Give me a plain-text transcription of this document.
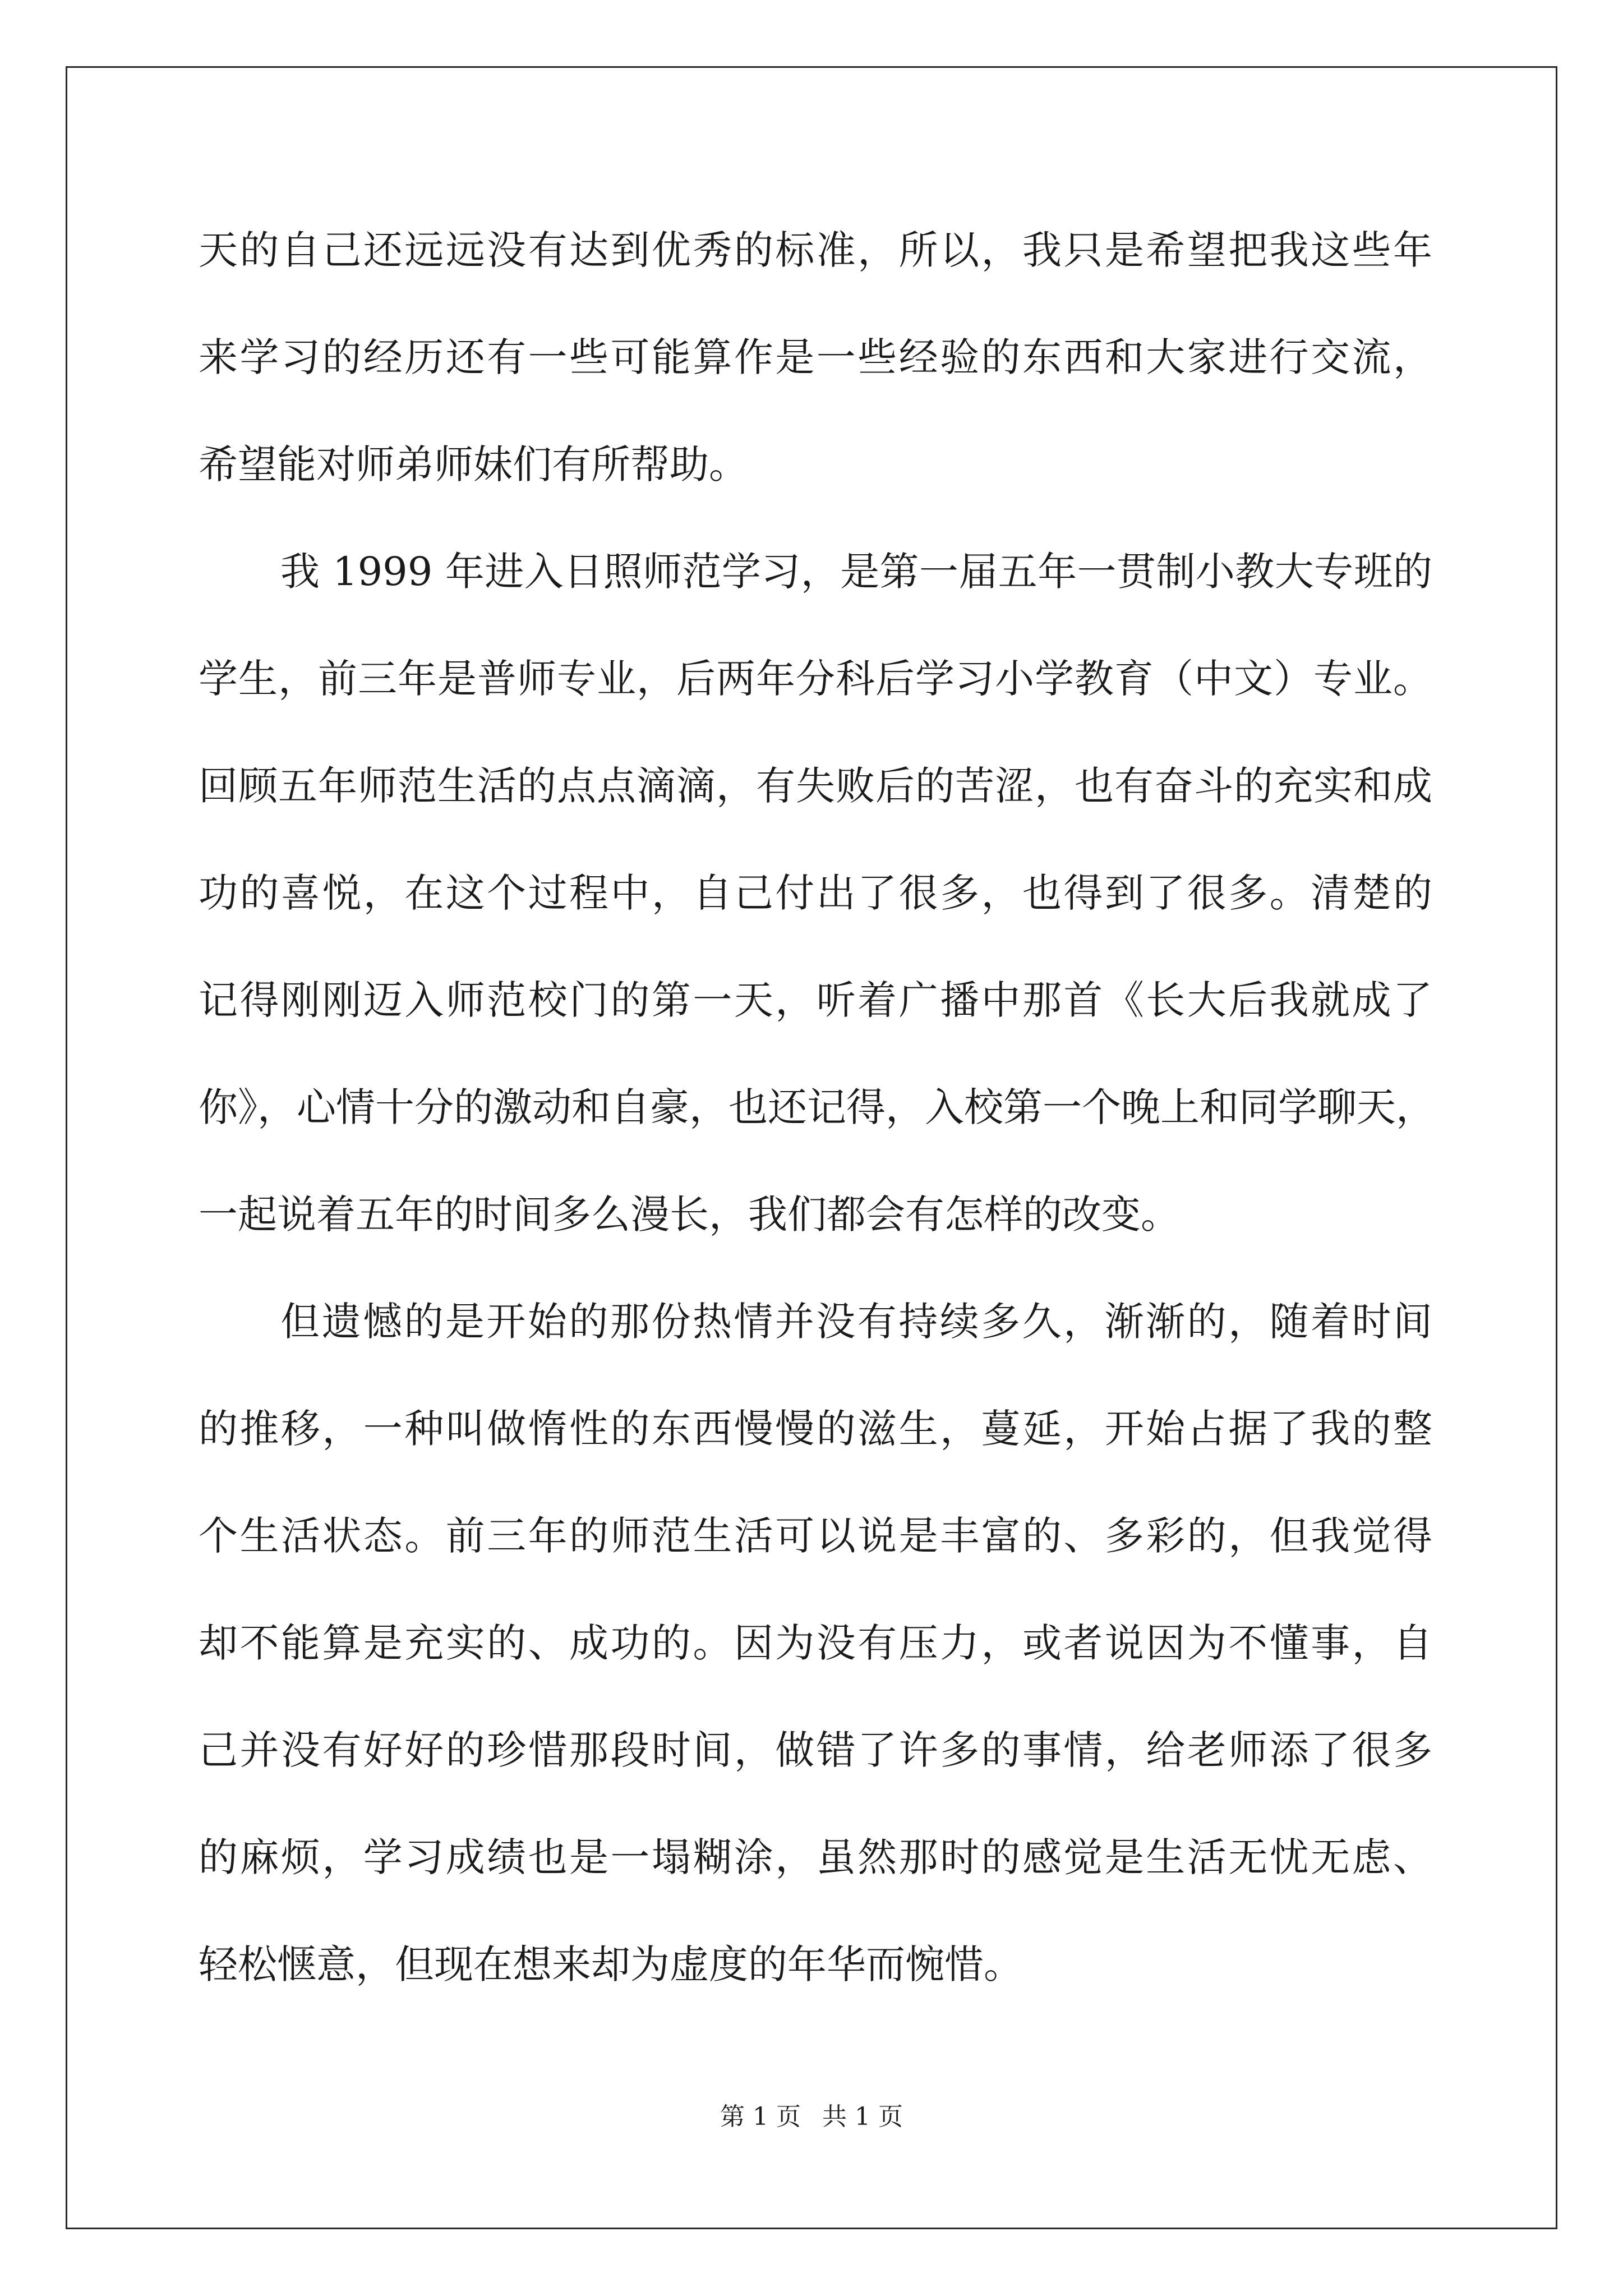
天的自己还远远没有达到优秀的标准，所以，我只是希望把我这些年
来学习的经历还有一些可能算作是一些经验的东西和大家进行交流，
希望能对师弟师妹们有所帮助。
我 1999 年进入日照师范学习，是第一届五年一贯制小教大专班的
学生，前三年是普师专业，后两年分科后学习小学教育（中文）专业。
回顾五年师范生活的点点滴滴，有失败后的苦涩，也有奋斗的充实和成
功的喜悦，在这个过程中，自己付出了很多，也得到了很多。清楚的
记得刚刚迈入师范校门的第一天，听着广播中那首《长大后我就成了
你》，心情十分的激动和自豪，也还记得，入校第一个晚上和同学聊天，
一起说着五年的时间多么漫长，我们都会有怎样的改变。
但遗憾的是开始的那份热情并没有持续多久，渐渐的，随着时间
的推移，一种叫做惰性的东西慢慢的滋生，蔓延，开始占据了我的整
个生活状态。前三年的师范生活可以说是丰富的、多彩的，但我觉得
却不能算是充实的、成功的。因为没有压力，或者说因为不懂事，自
己并没有好好的珍惜那段时间，做错了许多的事情，给老师添了很多
的麻烦，学习成绩也是一塌糊涂，虽然那时的感觉是生活无忧无虑、
轻松惬意，但现在想来却为虚度的年华而惋惜。
第 1 页 共 1 页
